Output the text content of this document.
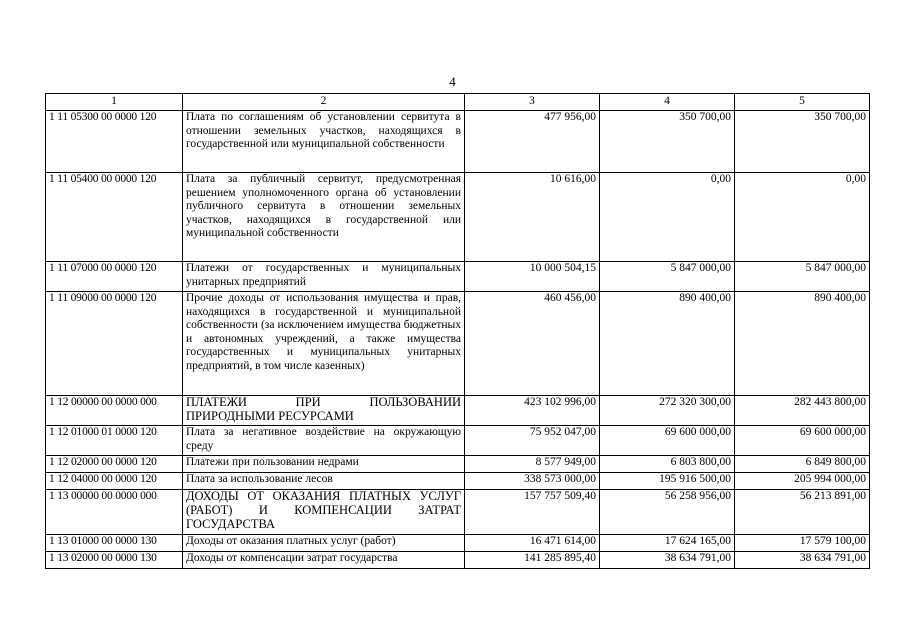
4
1	2	3	4	5
1 11 05300 00 0000 120	Плата по соглашениям об установлении сервитута в отношении земельных участков, находящихся в государственной или муниципальной собственности	477 956,00	350 700,00	350 700,00
1 11 05400 00 0000 120	Плата за публичный сервитут, предусмотренная решением уполномоченного органа об установлении публичного сервитута в отношении земельных участков, находящихся в государственной или муниципальной собственности	10 616,00	0,00	0,00
1 11 07000 00 0000 120	Платежи от государственных и муниципальных унитарных предприятий	10 000 504,15	5 847 000,00	5 847 000,00
1 11 09000 00 0000 120	Прочие доходы от использования имущества и прав, находящихся в государственной и муниципальной собственности (за исключением имущества бюджетных и автономных учреждений, а также имущества государственных и муниципальных унитарных предприятий, в том числе казенных)	460 456,00	890 400,00	890 400,00
1 12 00000 00 0000 000	ПЛАТЕЖИ ПРИ ПОЛЬЗОВАНИИ ПРИРОДНЫМИ РЕСУРСАМИ	423 102 996,00	272 320 300,00	282 443 800,00
1 12 01000 01 0000 120	Плата за негативное воздействие на окружающую среду	75 952 047,00	69 600 000,00	69 600 000,00
1 12 02000 00 0000 120	Платежи при пользовании недрами	8 577 949,00	6 803 800,00	6 849 800,00
1 12 04000 00 0000 120	Плата за использование лесов	338 573 000,00	195 916 500,00	205 994 000,00
1 13 00000 00 0000 000	ДОХОДЫ ОТ ОКАЗАНИЯ ПЛАТНЫХ УСЛУГ (РАБОТ) И КОМПЕНСАЦИИ ЗАТРАТ ГОСУДАРСТВА	157 757 509,40	56 258 956,00	56 213 891,00
1 13 01000 00 0000 130	Доходы от оказания платных услуг (работ)	16 471 614,00	17 624 165,00	17 579 100,00
1 13 02000 00 0000 130	Доходы от компенсации затрат государства	141 285 895,40	38 634 791,00	38 634 791,00
